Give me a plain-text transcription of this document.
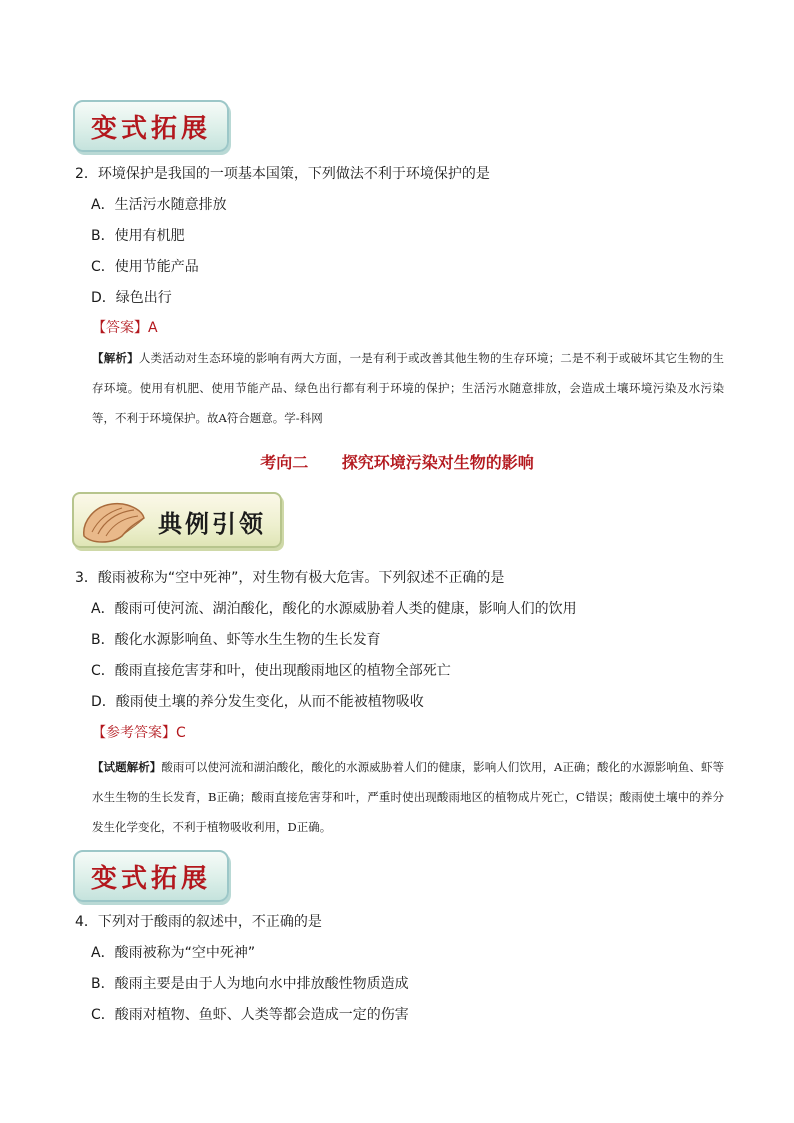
变式拓展
2．环境保护是我国的一项基本国策，下列做法不利于环境保护的是
A．生活污水随意排放
B．使用有机肥
C．使用节能产品
D．绿色出行
【答案】A
【解析】人类活动对生态环境的影响有两大方面，一是有利于或改善其他生物的生存环境；二是不利于或破坏其它生物的生存环境。使用有机肥、使用节能产品、绿色出行都有利于环境的保护；生活污水随意排放，会造成土壤环境污染及水污染等，不利于环境保护。故A符合题意。学-科网
考向二      探究环境污染对生物的影响
典例引领
3．酸雨被称为“空中死神”，对生物有极大危害。下列叙述不正确的是
A．酸雨可使河流、湖泊酸化，酸化的水源威胁着人类的健康，影响人们的饮用
B．酸化水源影响鱼、虾等水生生物的生长发育
C．酸雨直接危害芽和叶，使出现酸雨地区的植物全部死亡
D．酸雨使土壤的养分发生变化，从而不能被植物吸收
【参考答案】C
【试题解析】酸雨可以使河流和湖泊酸化，酸化的水源威胁着人们的健康，影响人们饮用，A正确；酸化的水源影响鱼、虾等水生生物的生长发育，B正确；酸雨直接危害芽和叶，严重时使出现酸雨地区的植物成片死亡，C错误；酸雨使土壤中的养分发生化学变化，不利于植物吸收利用，D正确。
变式拓展
4．下列对于酸雨的叙述中，不正确的是
A．酸雨被称为“空中死神”
B．酸雨主要是由于人为地向水中排放酸性物质造成
C．酸雨对植物、鱼虾、人类等都会造成一定的伤害
